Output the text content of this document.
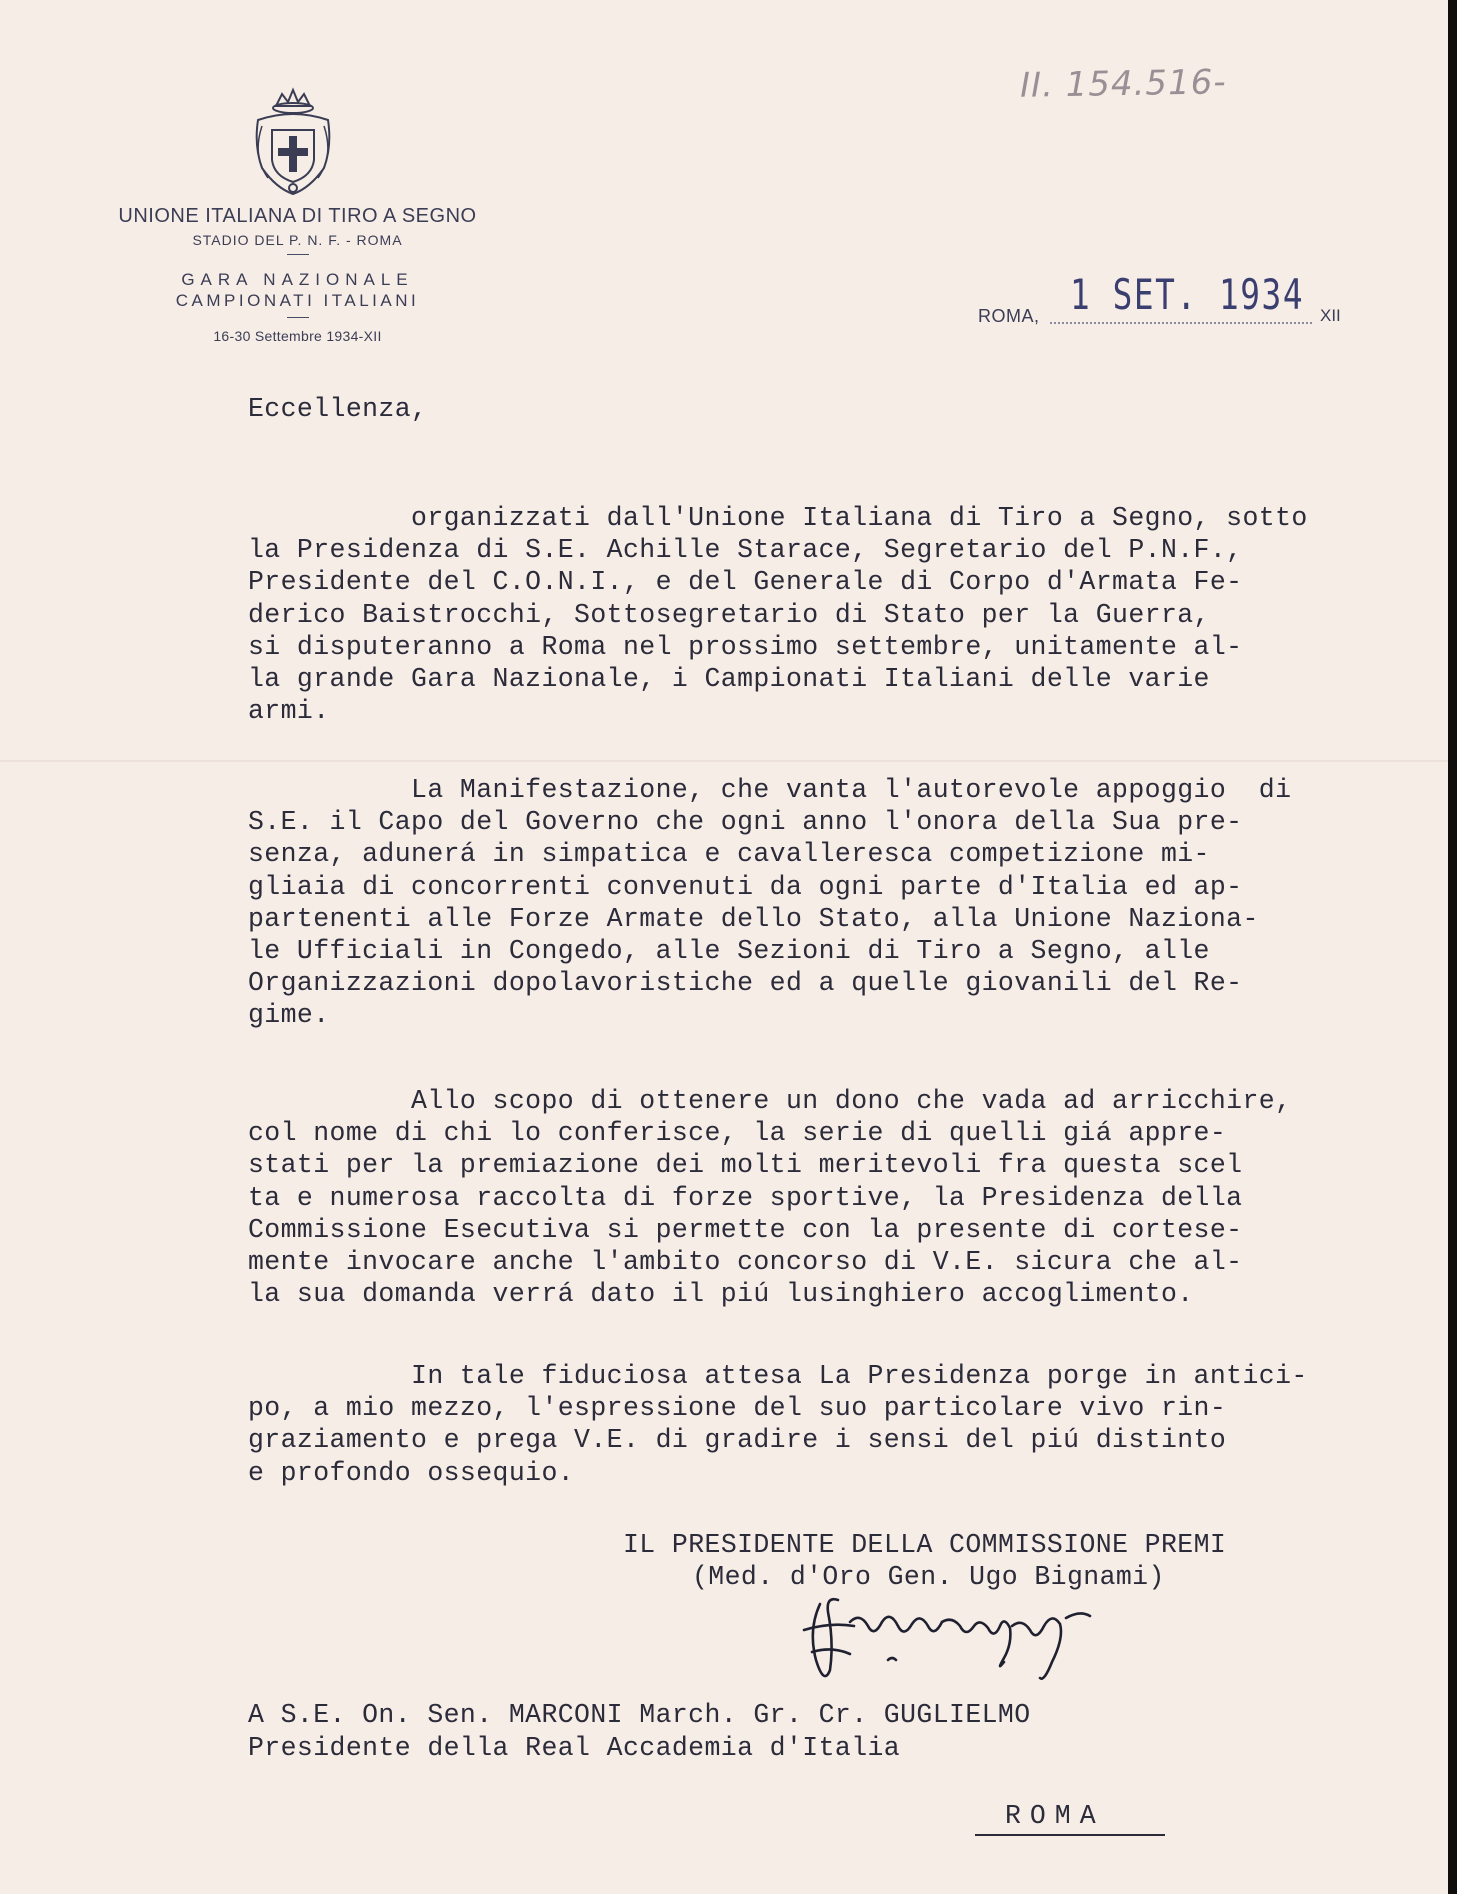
UNIONE ITALIANA DI TIRO A SEGNO
STADIO DEL P. N. F. - ROMA
GARA NAZIONALE
CAMPIONATI ITALIANI
16-30 Settembre 1934-XII
II. 154.516-
ROMA, 1 SET. 1934 XII
Eccellenza,

organizzati dall'Unione Italiana di Tiro a Segno, sotto
la Presidenza di S.E. Achille Starace, Segretario del P.N.F.,
Presidente del C.O.N.I., e del Generale di Corpo d'Armata Fe-
derico Baistrocchi, Sottosegretario di Stato per la Guerra,
si disputeranno a Roma nel prossimo settembre, unitamente al-
la grande Gara Nazionale, i Campionati Italiani delle varie
armi.

La Manifestazione, che vanta l'autorevole appoggio  di
S.E. il Capo del Governo che ogni anno l'onora della Sua pre-
senza, adunerá in simpatica e cavalleresca competizione mi-
gliaia di concorrenti convenuti da ogni parte d'Italia ed ap-
partenenti alle Forze Armate dello Stato, alla Unione Naziona-
le Ufficiali in Congedo, alle Sezioni di Tiro a Segno, alle
Organizzazioni dopolavoristiche ed a quelle giovanili del Re-
gime.

Allo scopo di ottenere un dono che vada ad arricchire,
col nome di chi lo conferisce, la serie di quelli giá appre-
stati per la premiazione dei molti meritevoli fra questa scel
ta e numerosa raccolta di forze sportive, la Presidenza della
Commissione Esecutiva si permette con la presente di cortese-
mente invocare anche l'ambito concorso di V.E. sicura che al-
la sua domanda verrá dato il piú lusinghiero accoglimento.

In tale fiduciosa attesa La Presidenza porge in antici-
po, a mio mezzo, l'espressione del suo particolare vivo rin-
graziamento e prega V.E. di gradire i sensi del piú distinto
e profondo ossequio.

IL PRESIDENTE DELLA COMMISSIONE PREMI
(Med. d'Oro Gen. Ugo Bignami)
A S.E. On. Sen. MARCONI March. Gr. Cr. GUGLIELMO
Presidente della Real Accademia d'Italia
ROMA
